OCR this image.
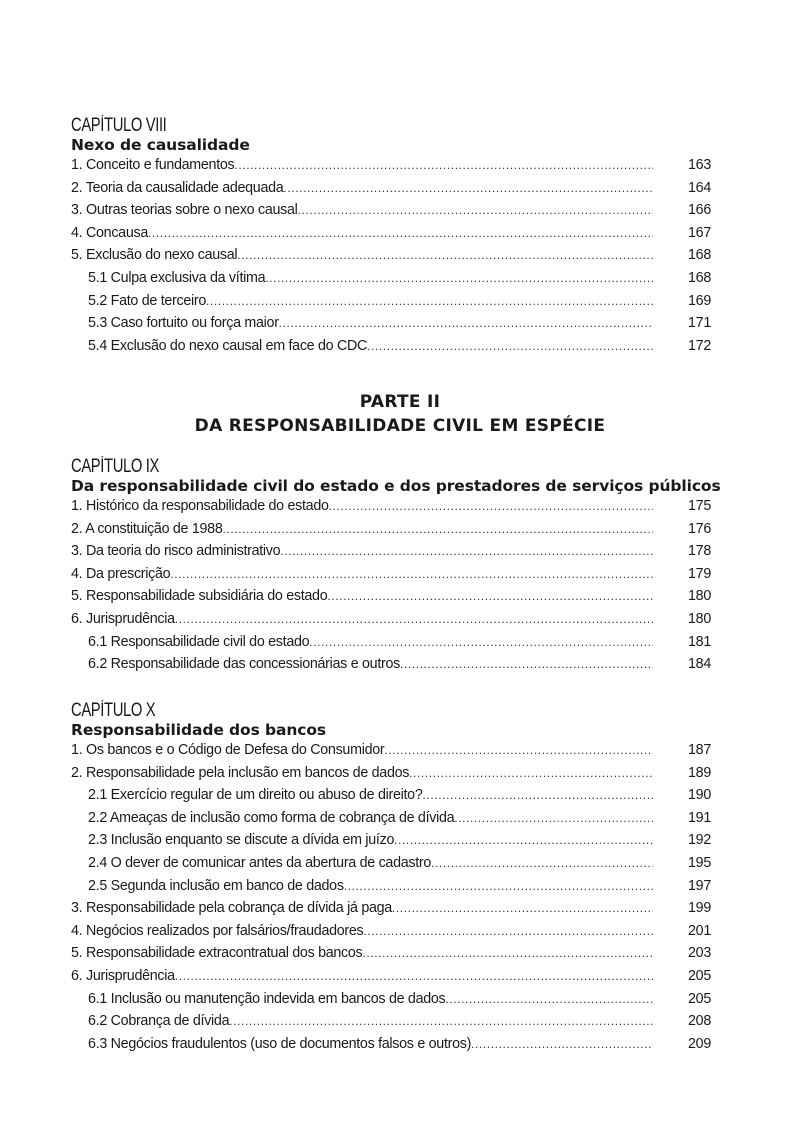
CAPÍTULO VIII
Nexo de causalidade
1. Conceito e fundamentos .....	163
2. Teoria da causalidade adequada .....	164
3. Outras teorias sobre o nexo causal .....	166
4. Concausa .....	167
5. Exclusão do nexo causal .....	168
5.1 Culpa exclusiva da vítima .....	168
5.2 Fato de terceiro .....	169
5.3 Caso fortuito ou força maior .....	171
5.4 Exclusão do nexo causal em face do CDC .....	172
PARTE II
DA RESPONSABILIDADE CIVIL EM ESPÉCIE
CAPÍTULO IX
Da responsabilidade civil do estado e dos prestadores de serviços públicos
1. Histórico da responsabilidade do estado .....	175
2. A constituição de 1988 .....	176
3. Da teoria do risco administrativo .....	178
4. Da prescrição .....	179
5. Responsabilidade subsidiária do estado .....	180
6. Jurisprudência .....	180
6.1 Responsabilidade civil do estado .....	181
6.2 Responsabilidade das concessionárias e outros .....	184
CAPÍTULO X
Responsabilidade dos bancos
1. Os bancos e o Código de Defesa do Consumidor .....	187
2. Responsabilidade pela inclusão em bancos de dados .....	189
2.1 Exercício regular de um direito ou abuso de direito? .....	190
2.2 Ameaças de inclusão como forma de cobrança de dívida .....	191
2.3 Inclusão enquanto se discute a dívida em juízo .....	192
2.4 O dever de comunicar antes da abertura de cadastro .....	195
2.5 Segunda inclusão em banco de dados .....	197
3. Responsabilidade pela cobrança de dívida já paga .....	199
4. Negócios realizados por falsários/fraudadores .....	201
5. Responsabilidade extracontratual dos bancos .....	203
6. Jurisprudência .....	205
6.1 Inclusão ou manutenção indevida em bancos de dados .....	205
6.2 Cobrança de dívida .....	208
6.3 Negócios fraudulentos (uso de documentos falsos e outros) .....	209
